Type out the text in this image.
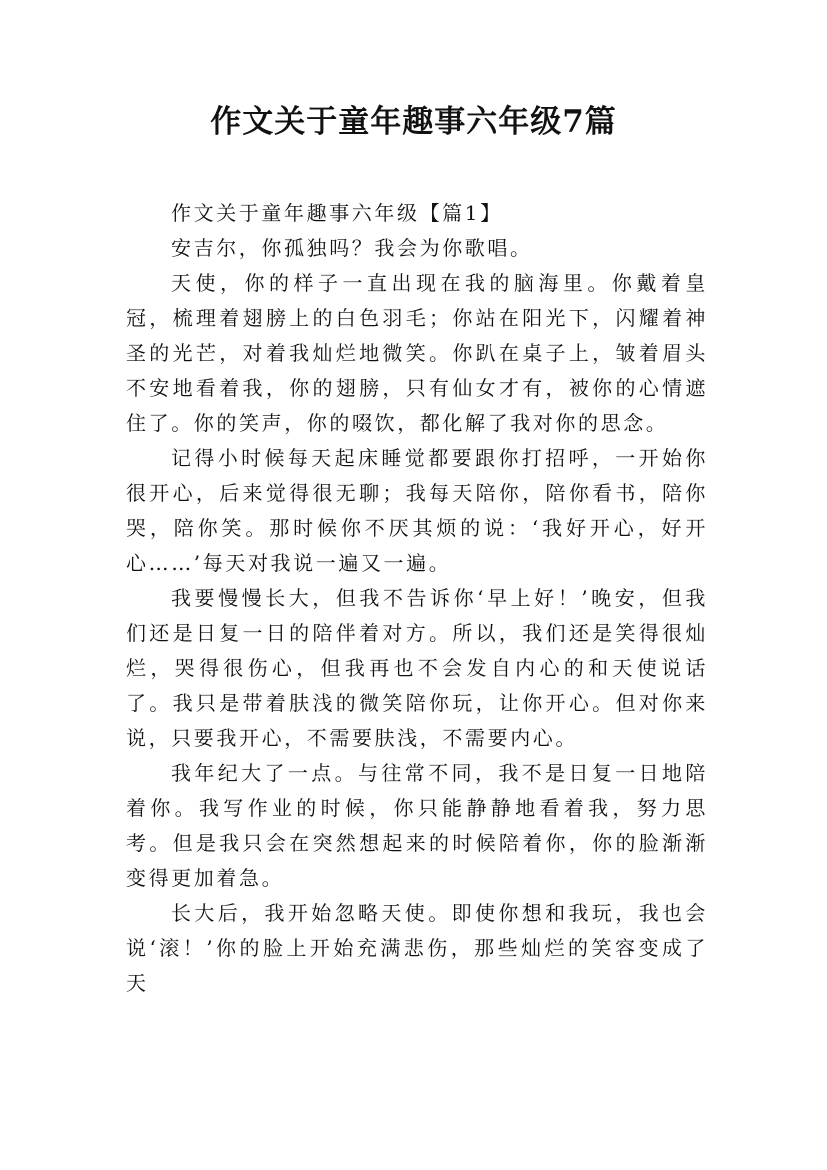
作文关于童年趣事六年级7篇

作文关于童年趣事六年级【篇1】

安吉尔，你孤独吗？我会为你歌唱。

天使，你的样子一直出现在我的脑海里。你戴着皇冠，梳理着翅膀上的白色羽毛；你站在阳光下，闪耀着神圣的光芒，对着我灿烂地微笑。你趴在桌子上，皱着眉头不安地看着我，你的翅膀，只有仙女才有，被你的心情遮住了。你的笑声，你的啜饮，都化解了我对你的思念。

记得小时候每天起床睡觉都要跟你打招呼，一开始你很开心，后来觉得很无聊；我每天陪你，陪你看书，陪你哭，陪你笑。那时候你不厌其烦的说：‘我好开心，好开心……’每天对我说一遍又一遍。

我要慢慢长大，但我不告诉你‘早上好！’晚安，但我们还是日复一日的陪伴着对方。所以，我们还是笑得很灿烂，哭得很伤心，但我再也不会发自内心的和天使说话了。我只是带着肤浅的微笑陪你玩，让你开心。但对你来说，只要我开心，不需要肤浅，不需要内心。

我年纪大了一点。与往常不同，我不是日复一日地陪着你。我写作业的时候，你只能静静地看着我，努力思考。但是我只会在突然想起来的时候陪着你，你的脸渐渐变得更加着急。

长大后，我开始忽略天使。即使你想和我玩，我也会说‘滚！’你的脸上开始充满悲伤，那些灿烂的笑容变成了天
